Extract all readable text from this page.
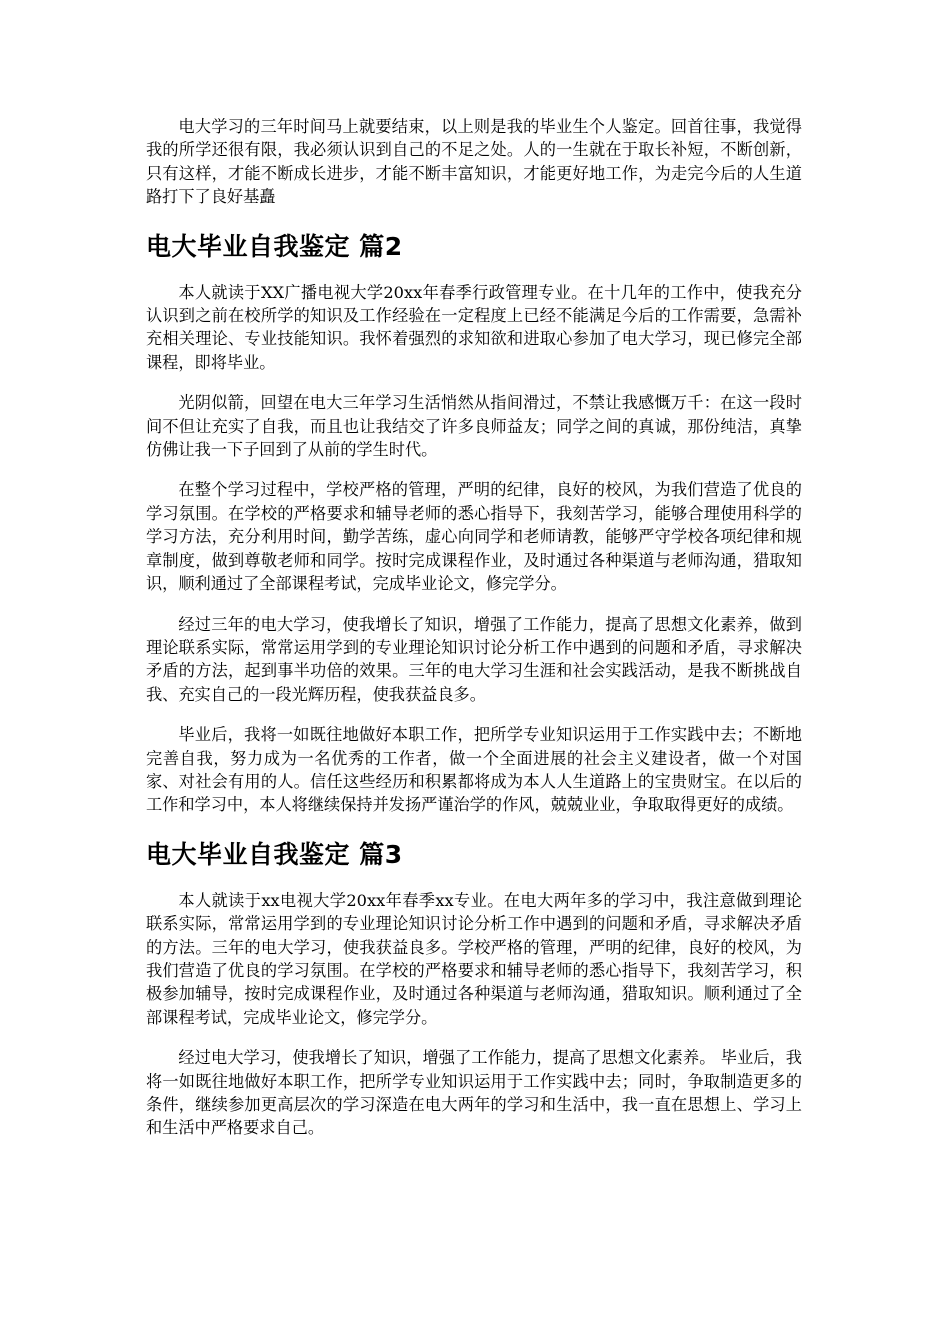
电大学习的三年时间马上就要结束，以上则是我的毕业生个人鉴定。回首往事，我觉得我的所学还很有限，我必须认识到自己的不足之处。人的一生就在于取长补短，不断创新，只有这样，才能不断成长进步，才能不断丰富知识，才能更好地工作，为走完今后的人生道路打下了良好基矗

电大毕业自我鉴定 篇2

本人就读于XX广播电视大学20xx年春季行政管理专业。在十几年的工作中，使我充分认识到之前在校所学的知识及工作经验在一定程度上已经不能满足今后的工作需要，急需补充相关理论、专业技能知识。我怀着强烈的求知欲和进取心参加了电大学习，现已修完全部课程，即将毕业。

光阴似箭，回望在电大三年学习生活悄然从指间滑过，不禁让我感慨万千：在这一段时间不但让充实了自我，而且也让我结交了许多良师益友；同学之间的真诚，那份纯洁，真挚仿佛让我一下子回到了从前的学生时代。

在整个学习过程中，学校严格的管理，严明的纪律，良好的校风，为我们营造了优良的学习氛围。在学校的严格要求和辅导老师的悉心指导下，我刻苦学习，能够合理使用科学的学习方法，充分利用时间，勤学苦练，虚心向同学和老师请教，能够严守学校各项纪律和规章制度，做到尊敬老师和同学。按时完成课程作业，及时通过各种渠道与老师沟通，猎取知识，顺利通过了全部课程考试，完成毕业论文，修完学分。

经过三年的电大学习，使我增长了知识，增强了工作能力，提高了思想文化素养，做到理论联系实际，常常运用学到的专业理论知识讨论分析工作中遇到的问题和矛盾，寻求解决矛盾的方法，起到事半功倍的效果。三年的电大学习生涯和社会实践活动，是我不断挑战自我、充实自己的一段光辉历程，使我获益良多。

毕业后，我将一如既往地做好本职工作，把所学专业知识运用于工作实践中去；不断地完善自我，努力成为一名优秀的工作者，做一个全面进展的社会主义建设者，做一个对国家、对社会有用的人。信任这些经历和积累都将成为本人人生道路上的宝贵财宝。在以后的工作和学习中，本人将继续保持并发扬严谨治学的作风，兢兢业业，争取取得更好的成绩。

电大毕业自我鉴定 篇3

本人就读于xx电视大学20xx年春季xx专业。在电大两年多的学习中，我注意做到理论联系实际，常常运用学到的专业理论知识讨论分析工作中遇到的问题和矛盾，寻求解决矛盾的方法。三年的电大学习，使我获益良多。学校严格的管理，严明的纪律，良好的校风，为我们营造了优良的学习氛围。在学校的严格要求和辅导老师的悉心指导下，我刻苦学习，积极参加辅导，按时完成课程作业，及时通过各种渠道与老师沟通，猎取知识。顺利通过了全部课程考试，完成毕业论文，修完学分。

经过电大学习，使我增长了知识，增强了工作能力，提高了思想文化素养。 毕业后，我将一如既往地做好本职工作，把所学专业知识运用于工作实践中去；同时，争取制造更多的条件，继续参加更高层次的学习深造在电大两年的学习和生活中，我一直在思想上、学习上和生活中严格要求自己。
